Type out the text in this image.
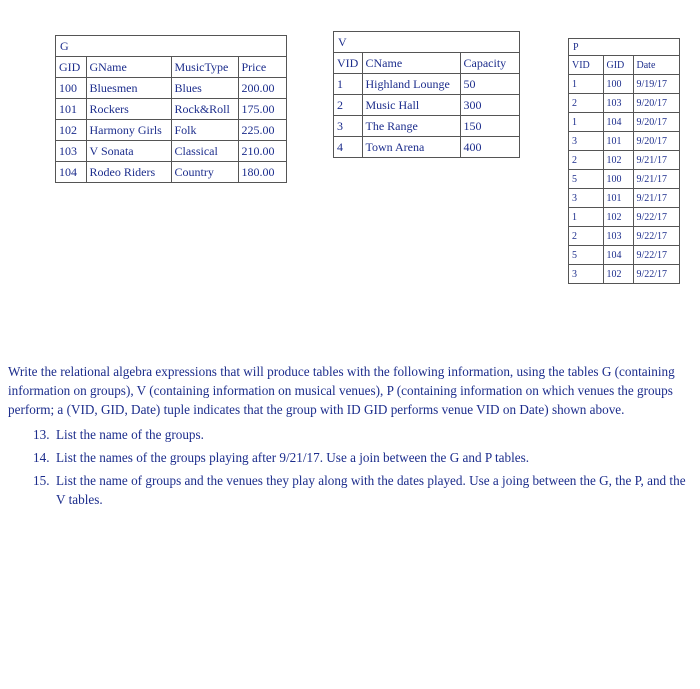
G
GID	GName	MusicType	Price
100	Bluesmen	Blues	200.00
101	Rockers	Rock&Roll	175.00
102	Harmony Girls	Folk	225.00
103	V Sonata	Classical	210.00
104	Rodeo Riders	Country	180.00
V
VID	CName	Capacity
1	Highland Lounge	50
2	Music Hall	300
3	The Range	150
4	Town Arena	400
P
VID	GID	Date
1	100	9/19/17
2	103	9/20/17
1	104	9/20/17
3	101	9/20/17
2	102	9/21/17
5	100	9/21/17
3	101	9/21/17
1	102	9/22/17
2	103	9/22/17
5	104	9/22/17
3	102	9/22/17

Write the relational algebra expressions that will produce tables with the following information, using the tables G (containing information on groups), V (containing information on musical venues), P (containing information on which venues the groups perform; a (VID, GID, Date) tuple indicates that the group with ID GID performs venue VID on Date) shown above.

13. List the name of the groups.
14. List the names of the groups playing after 9/21/17. Use a join between the G and P tables.
15. List the name of groups and the venues they play along with the dates played. Use a joing between the G, the P, and the V tables.
